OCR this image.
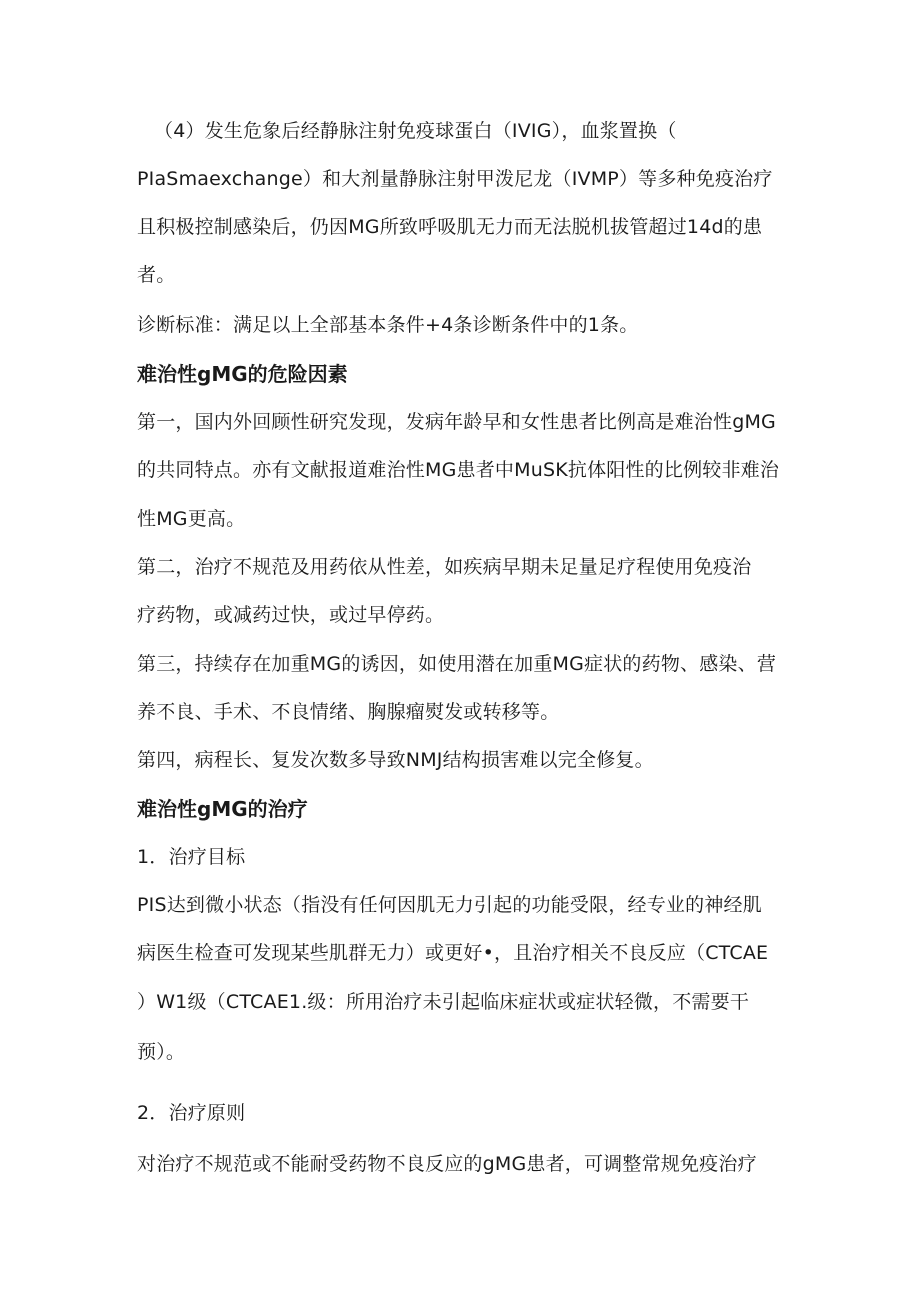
（4）发生危象后经静脉注射免疫球蛋白（IVIG），血浆置换（
PIaSmaexchange）和大剂量静脉注射甲泼尼龙（IVMP）等多种免疫治疗
且积极控制感染后，仍因MG所致呼吸肌无力而无法脱机拔管超过14d的患
者。
诊断标准：满足以上全部基本条件+4条诊断条件中的1条。
难治性gMG的危险因素
第一，国内外回顾性研究发现，发病年龄早和女性患者比例高是难治性gMG
的共同特点。亦有文献报道难治性MG患者中MuSK抗体阳性的比例较非难治
性MG更高。
第二，治疗不规范及用药依从性差，如疾病早期未足量足疗程使用免疫治
疗药物，或减药过快，或过早停药。
第三，持续存在加重MG的诱因，如使用潜在加重MG症状的药物、感染、营
养不良、手术、不良情绪、胸腺瘤熨发或转移等。
第四，病程长、复发次数多导致NMJ结构损害难以完全修复。
难治性gMG的治疗
1．治疗目标
PIS达到微小状态（指没有任何因肌无力引起的功能受限，经专业的神经肌
病医生检查可发现某些肌群无力）或更好•，且治疗相关不良反应（CTCAE
）W1级（CTCAE1.级：所用治疗未引起临床症状或症状轻微，不需要干
预）。
2．治疗原则
对治疗不规范或不能耐受药物不良反应的gMG患者，可调整常规免疫治疗
